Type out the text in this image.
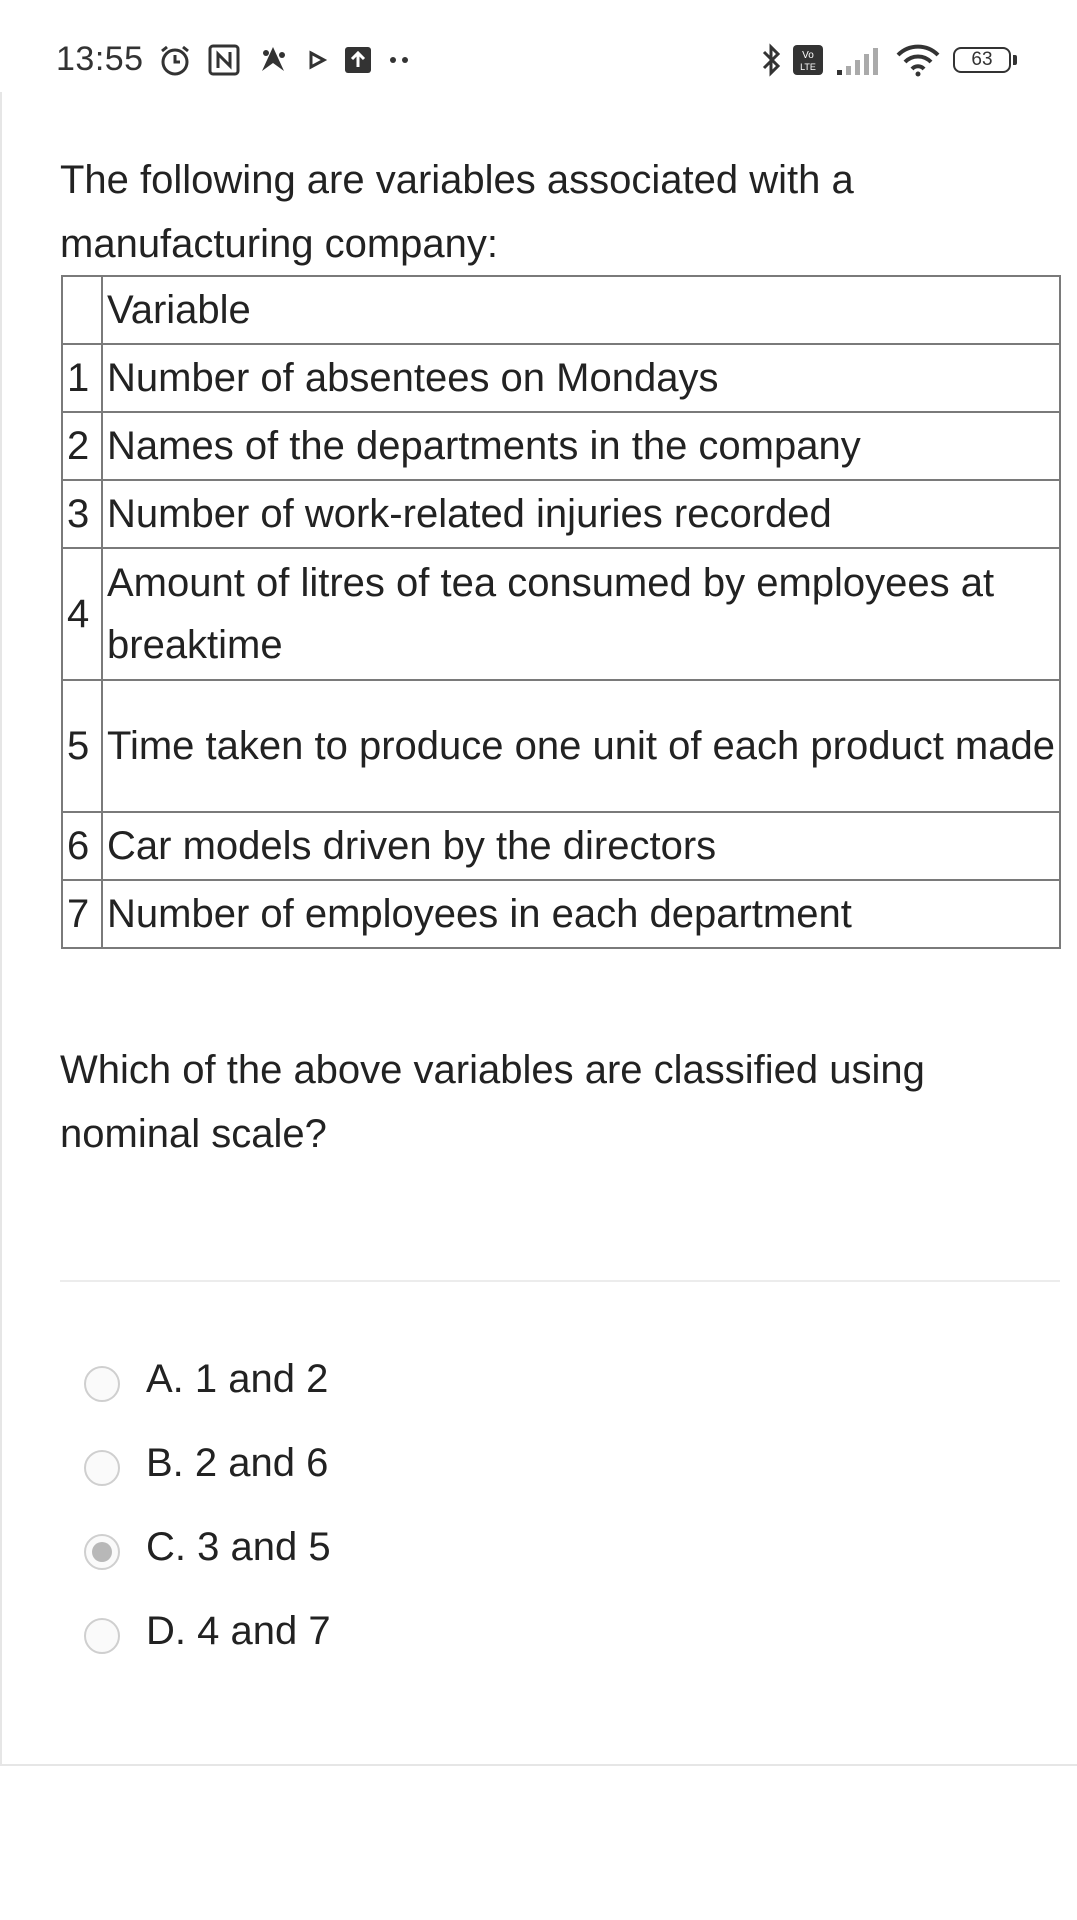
13:55	Vo
LTE	63
The following are variables associated with a manufacturing company:
	Variable
1	Number of absentees on Mondays
2	Names of the departments in the company
3	Number of work-related injuries recorded
4	Amount of litres of tea consumed by employees at breaktime
5	Time taken to produce one unit of each product made
6	Car models driven by the directors
7	Number of employees in each department
Which of the above variables are classified using nominal scale?
A. 1 and 2
B. 2 and 6
C. 3 and 5
D. 4 and 7
